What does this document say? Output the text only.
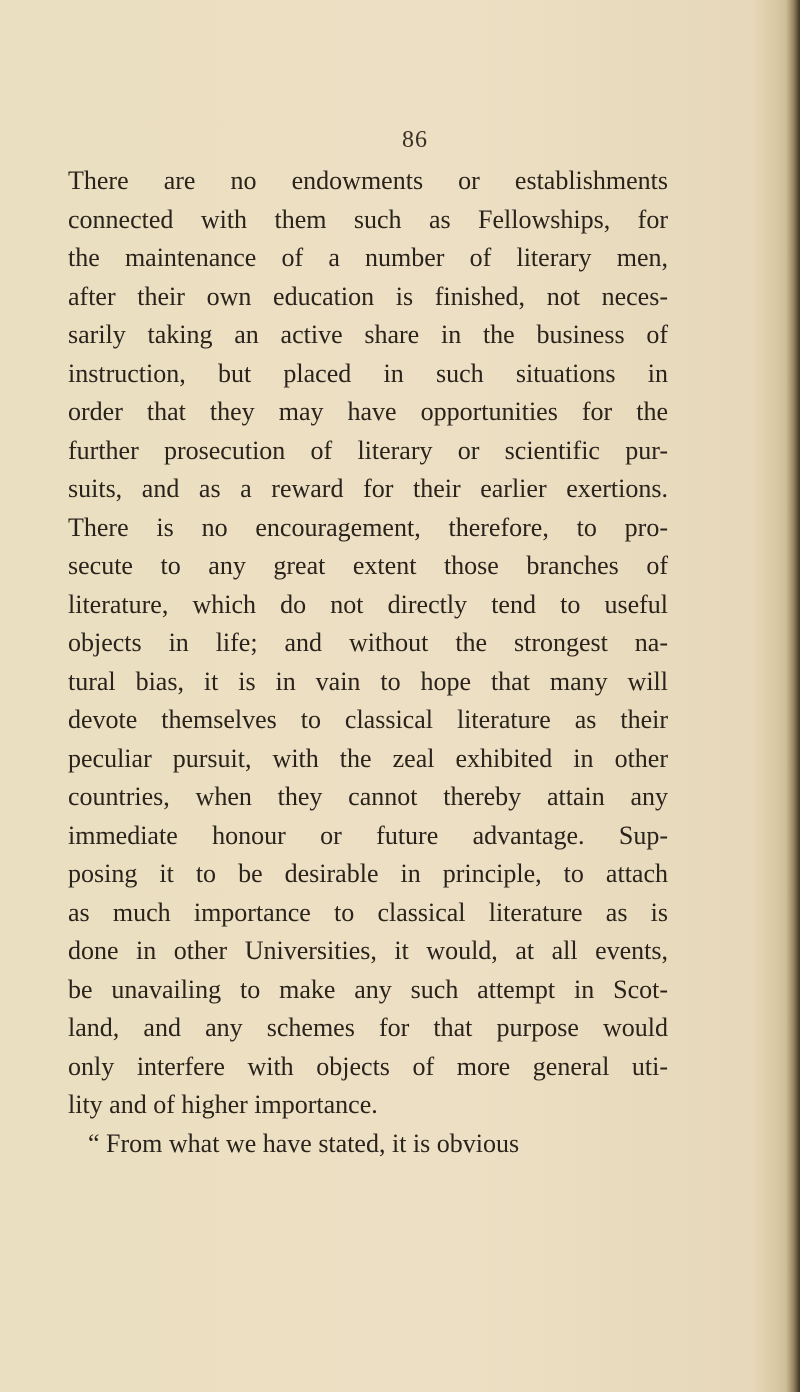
86
There are no endowments or establishments
connected with them such as Fellowships, for
the maintenance of a number of literary men,
after their own education is finished, not neces-
sarily taking an active share in the business of
instruction, but placed in such situations in
order that they may have opportunities for the
further prosecution of literary or scientific pur-
suits, and as a reward for their earlier exertions.
There is no encouragement, therefore, to pro-
secute to any great extent those branches of
literature, which do not directly tend to useful
objects in life; and without the strongest na-
tural bias, it is in vain to hope that many will
devote themselves to classical literature as their
peculiar pursuit, with the zeal exhibited in other
countries, when they cannot thereby attain any
immediate honour or future advantage. Sup-
posing it to be desirable in principle, to attach
as much importance to classical literature as is
done in other Universities, it would, at all events,
be unavailing to make any such attempt in Scot-
land, and any schemes for that purpose would
only interfere with objects of more general uti-
lity and of higher importance.
“ From what we have stated, it is obvious
